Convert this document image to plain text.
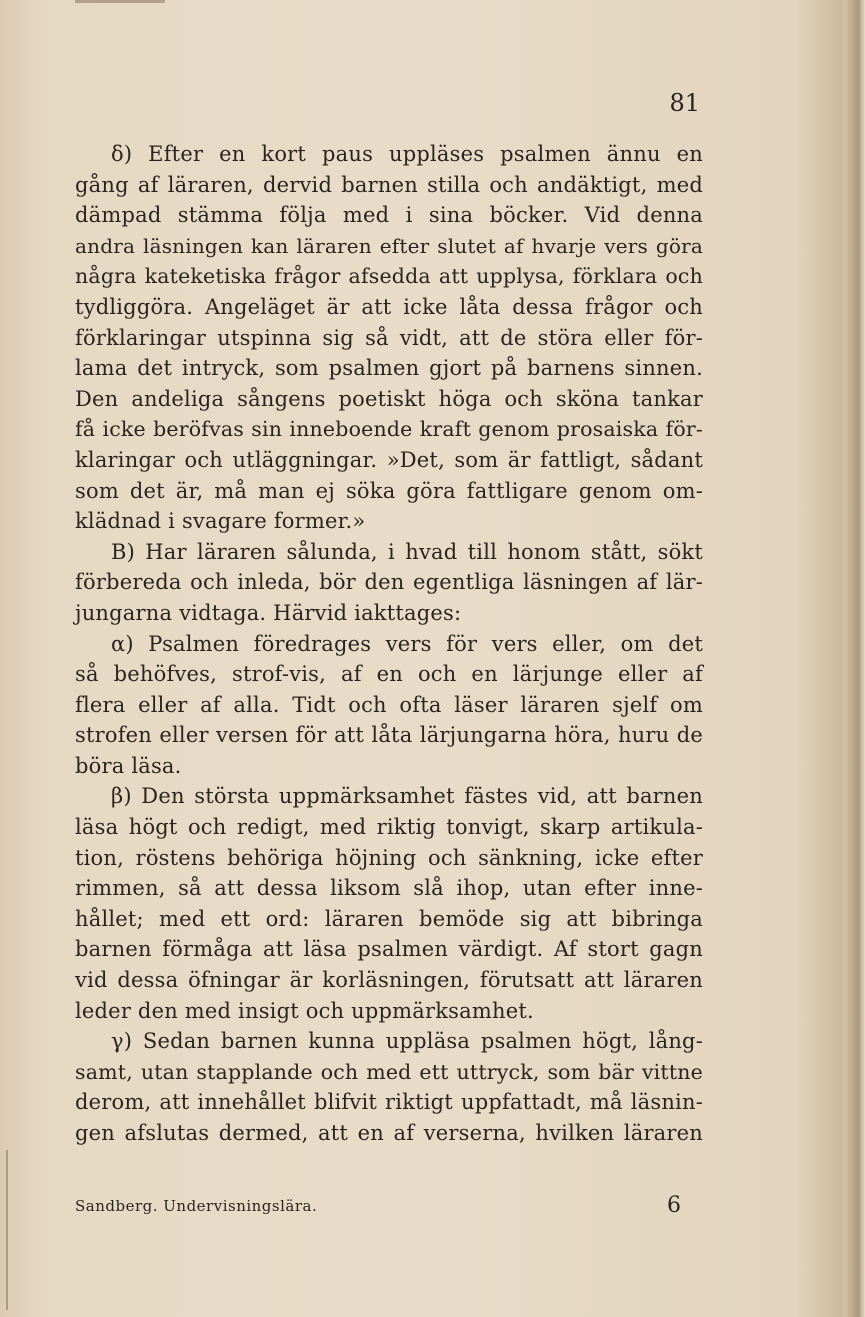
81
δ) Efter en kort paus uppläses psalmen ännu en
gång af läraren, dervid barnen stilla och andäktigt, med
dämpad stämma följa med i sina böcker. Vid denna
andra läsningen kan läraren efter slutet af hvarje vers göra
några kateketiska frågor afsedda att upplysa, förklara och
tydliggöra. Angeläget är att icke låta dessa frågor och
förklaringar utspinna sig så vidt, att de störa eller för-
lama det intryck, som psalmen gjort på barnens sinnen.
Den andeliga sångens poetiskt höga och sköna tankar
få icke beröfvas sin inneboende kraft genom prosaiska för-
klaringar och utläggningar. »Det, som är fattligt, sådant
som det är, må man ej söka göra fattligare genom om-
klädnad i svagare former.»
B) Har läraren sålunda, i hvad till honom stått, sökt
förbereda och inleda, bör den egentliga läsningen af lär-
jungarna vidtaga. Härvid iakttages:
α) Psalmen föredrages vers för vers eller, om det
så behöfves, strof-vis, af en och en lärjunge eller af
flera eller af alla. Tidt och ofta läser läraren sjelf om
strofen eller versen för att låta lärjungarna höra, huru de
böra läsa.
β) Den största uppmärksamhet fästes vid, att barnen
läsa högt och redigt, med riktig tonvigt, skarp artikula-
tion, röstens behöriga höjning och sänkning, icke efter
rimmen, så att dessa liksom slå ihop, utan efter inne-
hållet; med ett ord: läraren bemöde sig att bibringa
barnen förmåga att läsa psalmen värdigt. Af stort gagn
vid dessa öfningar är korläsningen, förutsatt att läraren
leder den med insigt och uppmärksamhet.
γ) Sedan barnen kunna uppläsa psalmen högt, lång-
samt, utan stapplande och med ett uttryck, som bär vittne
derom, att innehållet blifvit riktigt uppfattadt, må läsnin-
gen afslutas dermed, att en af verserna, hvilken läraren
Sandberg. Undervisningslära.	6
